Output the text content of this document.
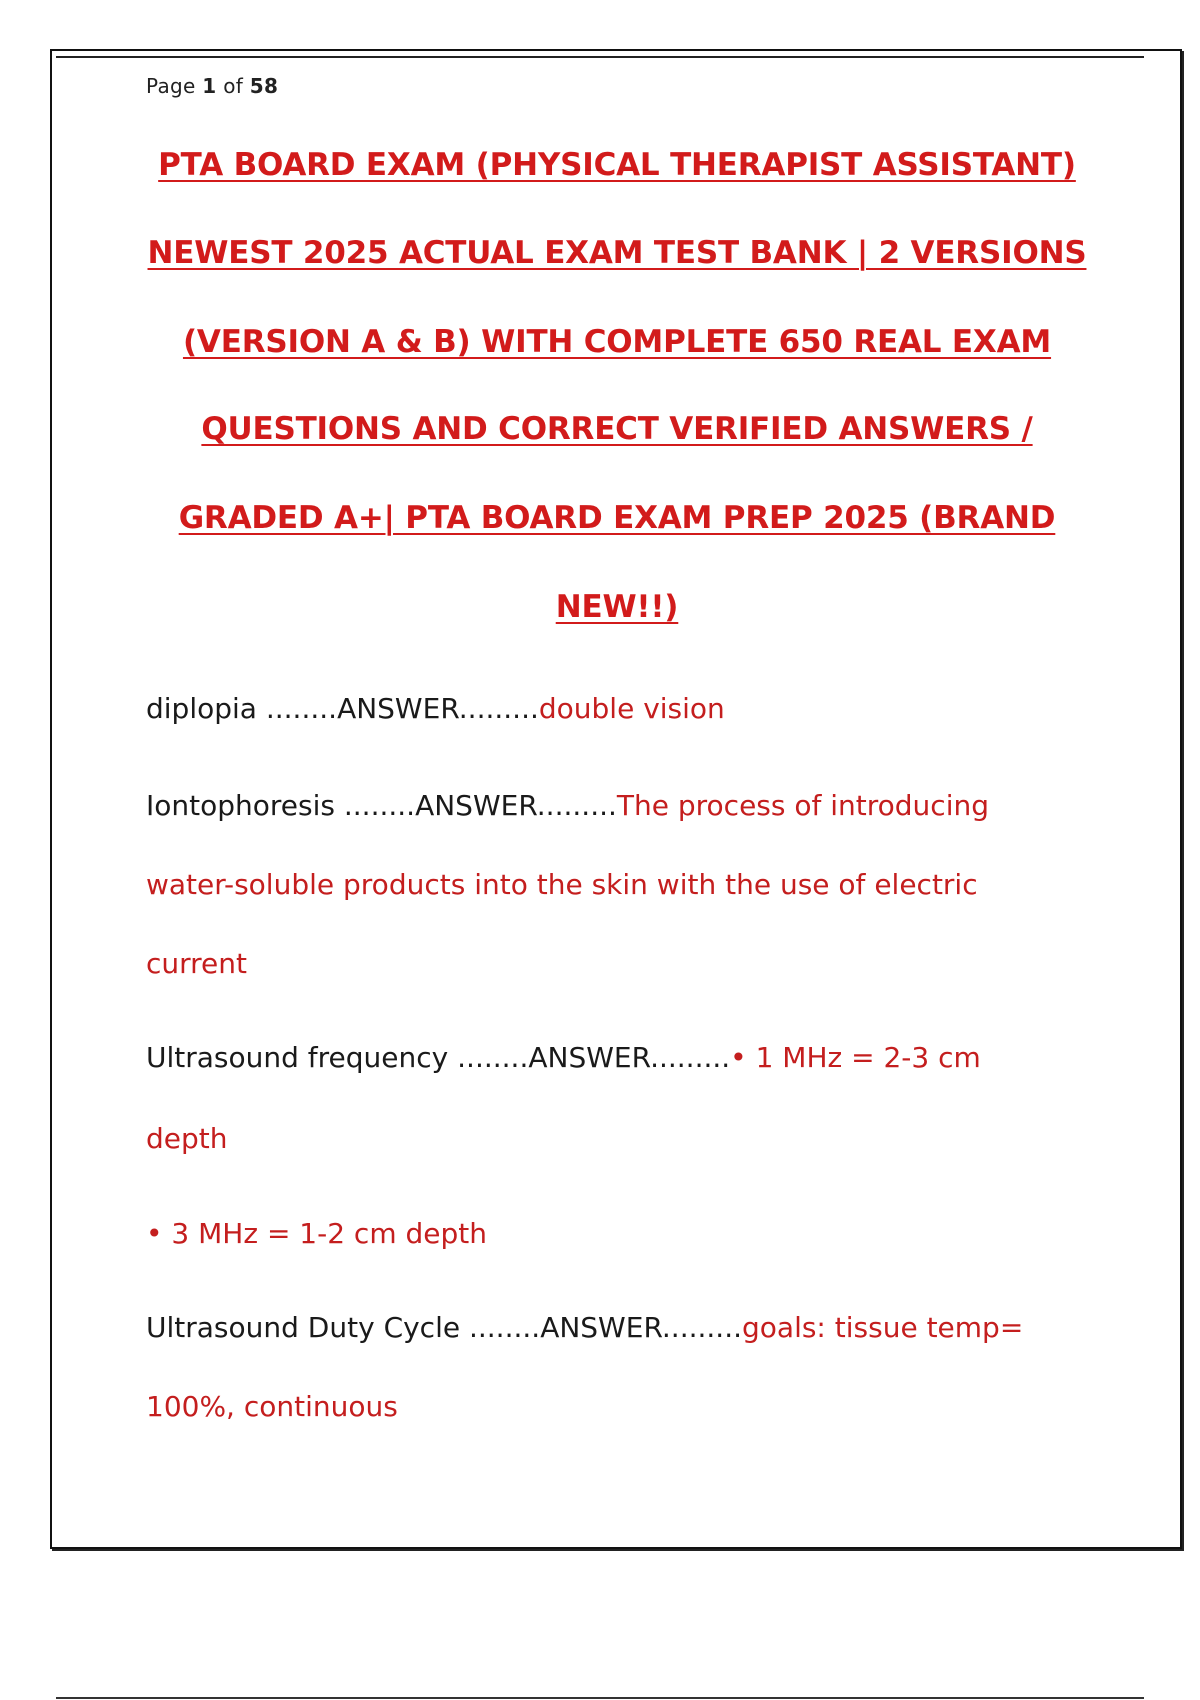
Page 1 of 58
PTA BOARD EXAM (PHYSICAL THERAPIST ASSISTANT)
NEWEST 2025 ACTUAL EXAM TEST BANK | 2 VERSIONS
(VERSION A & B) WITH COMPLETE 650 REAL EXAM
QUESTIONS AND CORRECT VERIFIED ANSWERS /
GRADED A+| PTA BOARD EXAM PREP 2025 (BRAND
NEW!!)
diplopia ........ANSWER.........double vision
Iontophoresis ........ANSWER.........The process of introducing
water-soluble products into the skin with the use of electric
current
Ultrasound frequency ........ANSWER.........• 1 MHz = 2-3 cm
depth
• 3 MHz = 1-2 cm depth
Ultrasound Duty Cycle ........ANSWER.........goals: tissue temp=
100%, continuous
